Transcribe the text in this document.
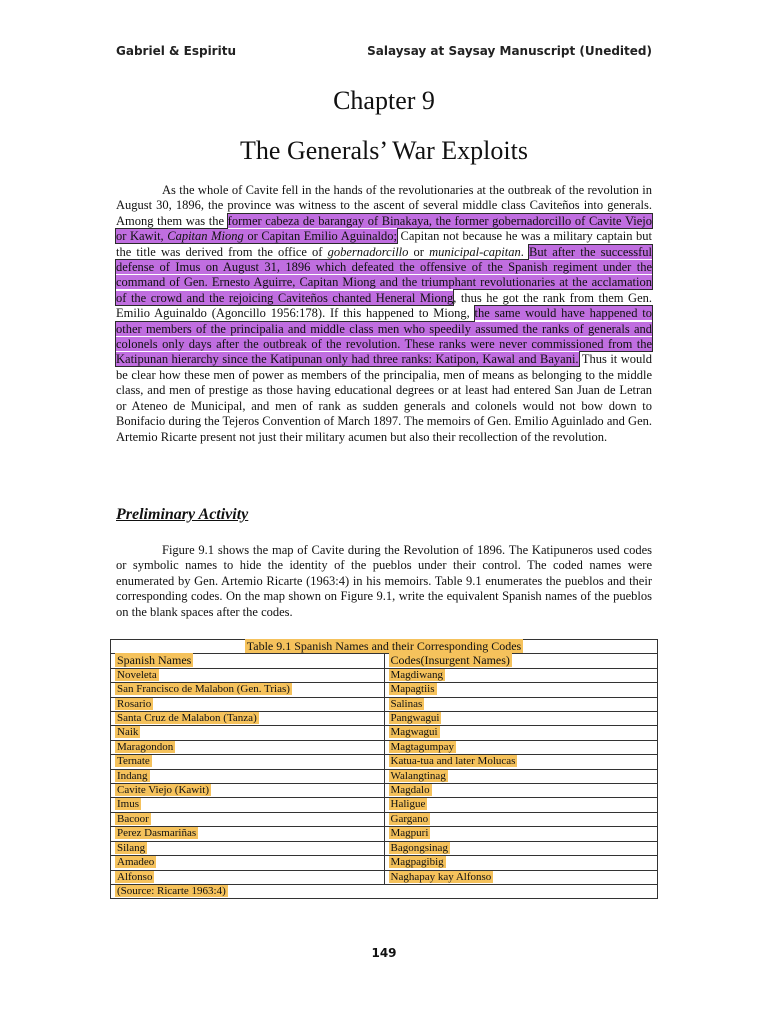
Gabriel & Espiritu	Salaysay at Saysay Manuscript (Unedited)
Chapter 9
The Generals’ War Exploits

As the whole of Cavite fell in the hands of the revolutionaries at the outbreak of the revolution in August 30, 1896, the province was witness to the ascent of several middle class Caviteños into generals. Among them was the former cabeza de barangay of Binakaya, the former gobernadorcillo of Cavite Viejo or Kawit, Capitan Miong or Capitan Emilio Aguinaldo; Capitan not because he was a military captain but the title was derived from the office of gobernadorcillo or municipal-capitan. But after the successful defense of Imus on August 31, 1896 which defeated the offensive of the Spanish regiment under the command of Gen. Ernesto Aguirre, Capitan Miong and the triumphant revolutionaries at the acclamation of the crowd and the rejoicing Caviteños chanted Heneral Miong, thus he got the rank from them Gen. Emilio Aguinaldo (Agoncillo 1956:178). If this happened to Miong, the same would have happened to other members of the principalia and middle class men who speedily assumed the ranks of generals and colonels only days after the outbreak of the revolution. These ranks were never commissioned from the Katipunan hierarchy since the Katipunan only had three ranks: Katipon, Kawal and Bayani. Thus it would be clear how these men of power as members of the principalia, men of means as belonging to the middle class, and men of prestige as those having educational degrees or at least had entered San Juan de Letran or Ateneo de Municipal, and men of rank as sudden generals and colonels would not bow down to Bonifacio during the Tejeros Convention of March 1897. The memoirs of Gen. Emilio Aguinlado and Gen. Artemio Ricarte present not just their military acumen but also their recollection of the revolution.

Preliminary Activity

Figure 9.1 shows the map of Cavite during the Revolution of 1896. The Katipuneros used codes or symbolic names to hide the identity of the pueblos under their control. The coded names were enumerated by Gen. Artemio Ricarte (1963:4) in his memoirs. Table 9.1 enumerates the pueblos and their corresponding codes. On the map shown on Figure 9.1, write the equivalent Spanish names of the pueblos on the blank spaces after the codes.

Table 9.1 Spanish Names and their Corresponding Codes	
Spanish Names	Codes(Insurgent Names)
Noveleta	Magdiwang
San Francisco de Malabon (Gen. Trias)	Mapagtiis
Rosario	Salinas
Santa Cruz de Malabon (Tanza)	Pangwagui
Naik	Magwagui
Maragondon	Magtagumpay
Ternate	Katua-tua and later Molucas
Indang	Walangtinag
Cavite Viejo (Kawit)	Magdalo
Imus	Haligue
Bacoor	Gargano
Perez Dasmariñas	Magpuri
Silang	Bagongsinag
Amadeo	Magpagibig
Alfonso	Naghapay kay Alfonso
(Source: Ricarte 1963:4)	
149
